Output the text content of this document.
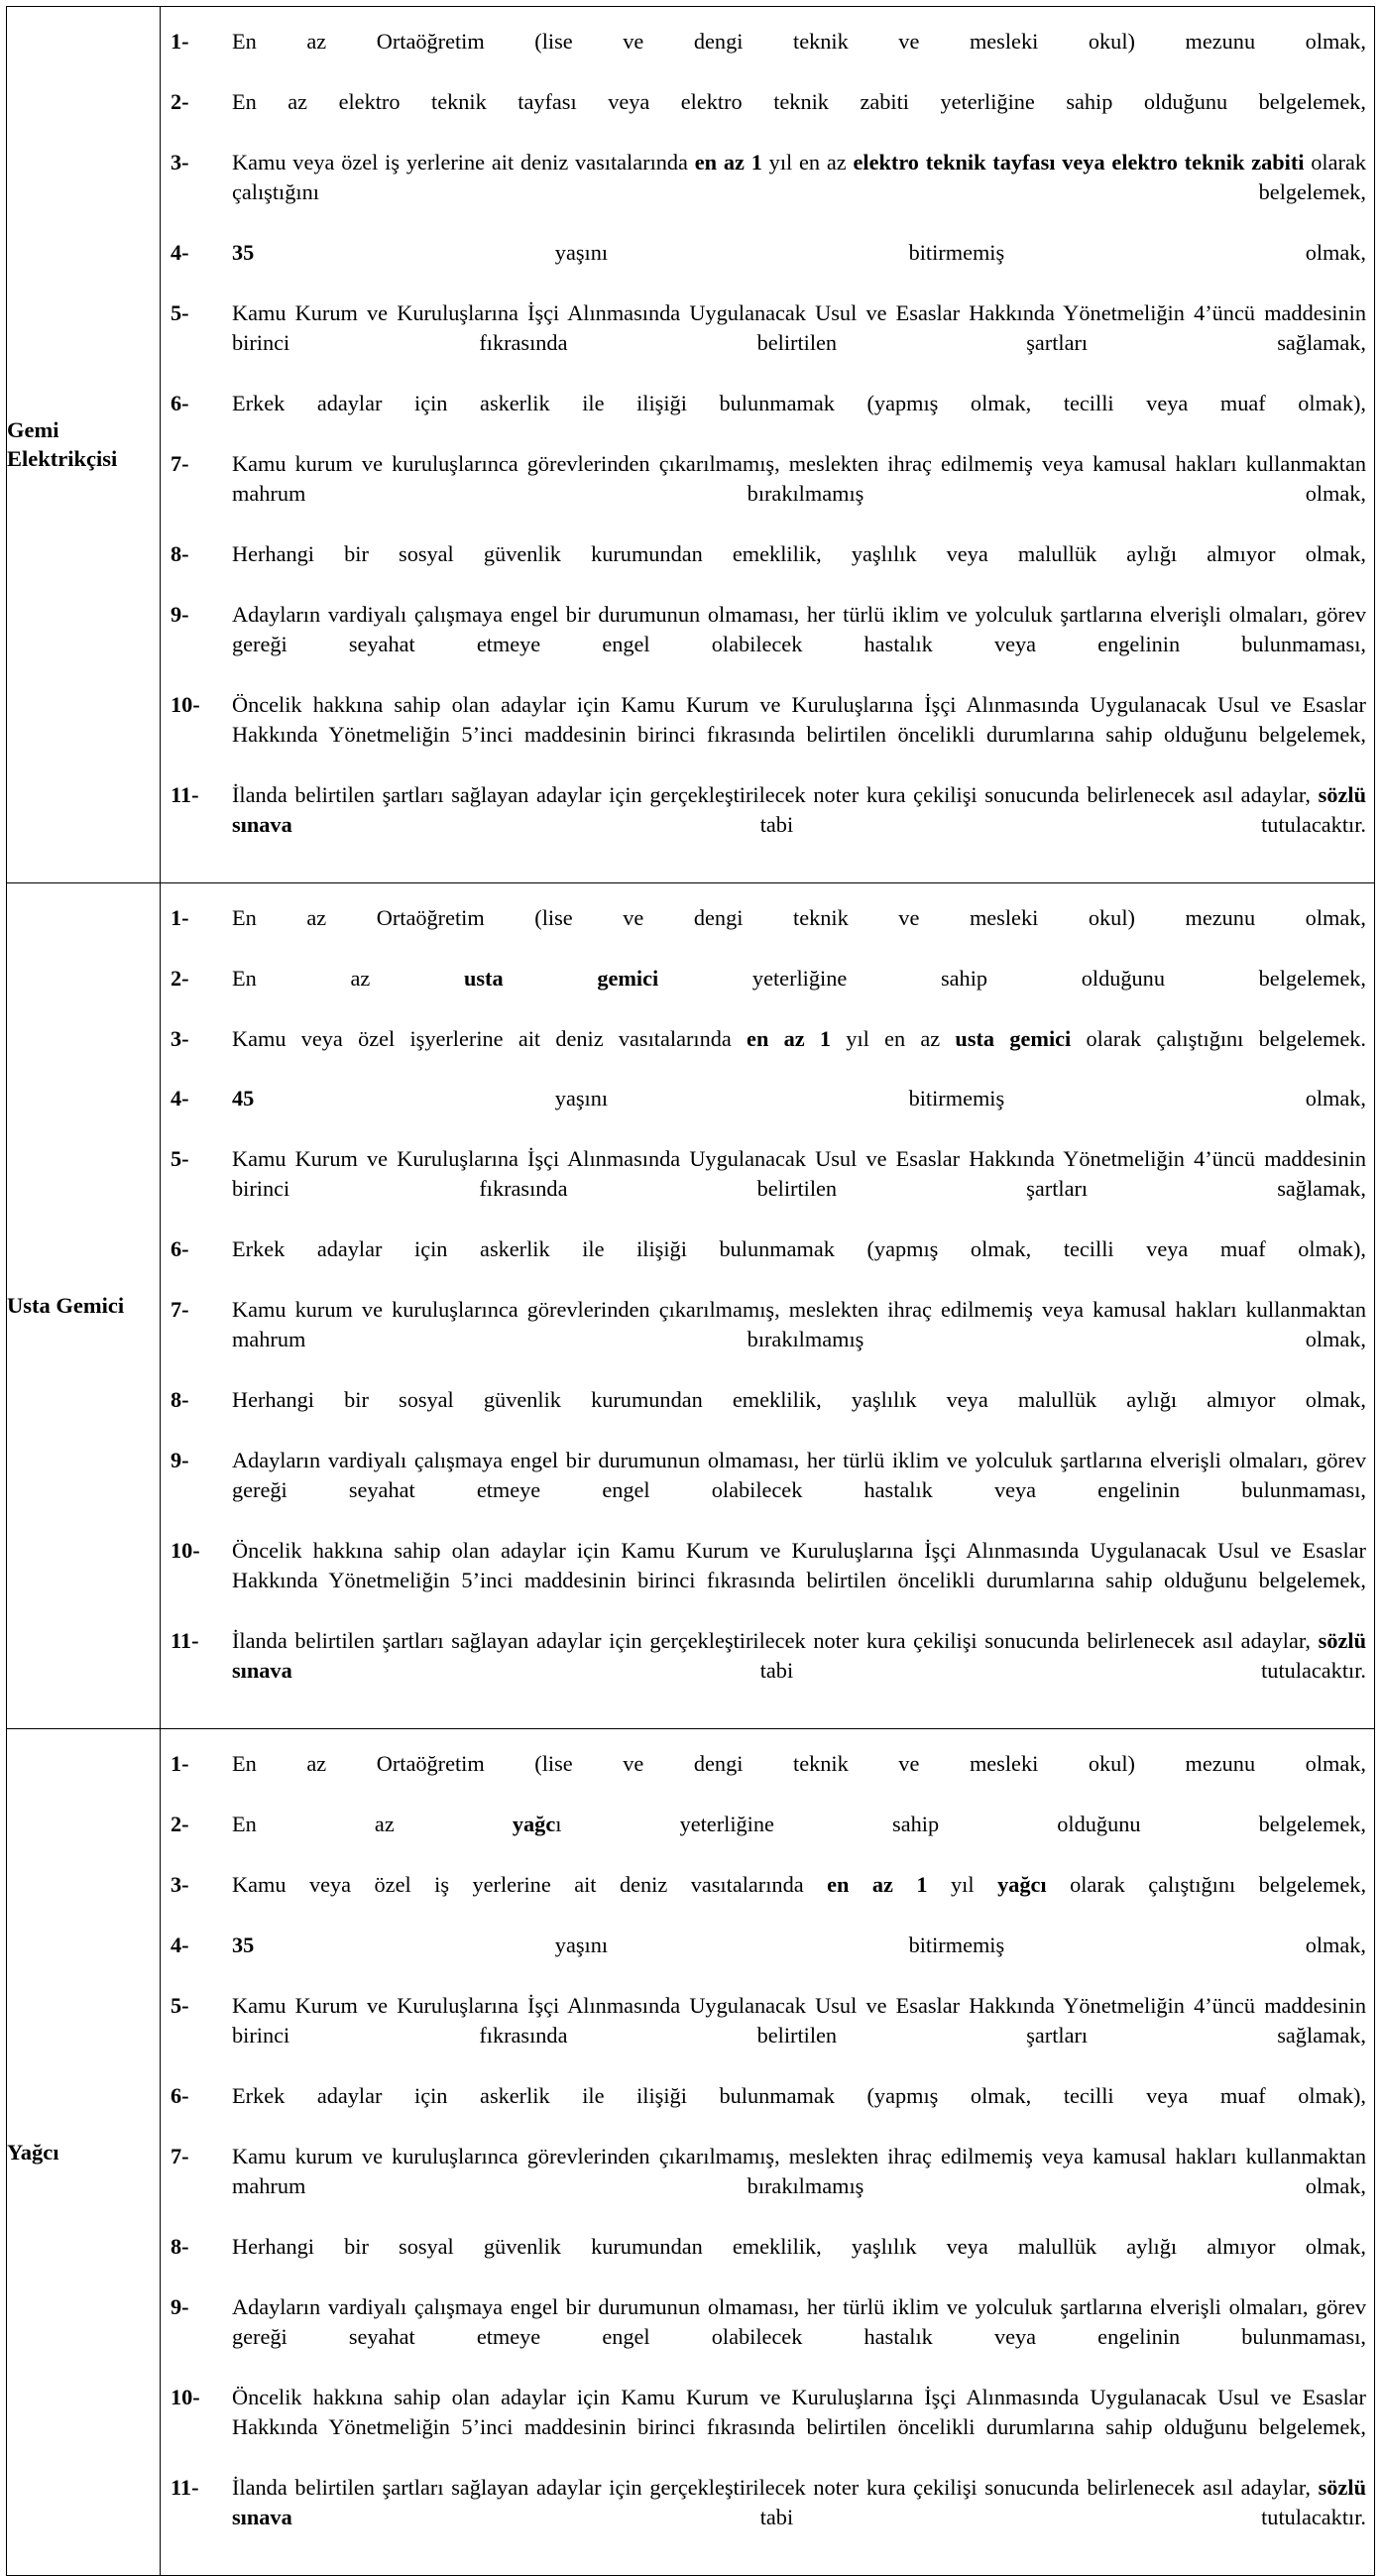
Gemi Elektrikçisi	
1-	En az Ortaöğretim (lise ve dengi teknik ve mesleki okul) mezunu olmak,
2-	En az elektro teknik tayfası veya elektro teknik zabiti yeterliğine sahip olduğunu belgelemek,
3-	Kamu veya özel iş yerlerine ait deniz vasıtalarında en az 1 yıl en az elektro teknik tayfası veya elektro teknik zabiti olarak çalıştığını belgelemek,
4-	35 yaşını bitirmemiş olmak,
5-	Kamu Kurum ve Kuruluşlarına İşçi Alınmasında Uygulanacak Usul ve Esaslar Hakkında Yönetmeliğin 4’üncü maddesinin birinci fıkrasında belirtilen şartları sağlamak,
6-	Erkek adaylar için askerlik ile ilişiği bulunmamak (yapmış olmak, tecilli veya muaf olmak),
7-	Kamu kurum ve kuruluşlarınca görevlerinden çıkarılmamış, meslekten ihraç edilmemiş veya kamusal hakları kullanmaktan mahrum bırakılmamış olmak,
8-	Herhangi bir sosyal güvenlik kurumundan emeklilik, yaşlılık veya malullük aylığı almıyor olmak,
9-	Adayların vardiyalı çalışmaya engel bir durumunun olmaması, her türlü iklim ve yolculuk şartlarına elverişli olmaları, görev gereği seyahat etmeye engel olabilecek hastalık veya engelinin bulunmaması,
10-	Öncelik hakkına sahip olan adaylar için Kamu Kurum ve Kuruluşlarına İşçi Alınmasında Uygulanacak Usul ve Esaslar Hakkında Yönetmeliğin 5’inci maddesinin birinci fıkrasında belirtilen öncelikli durumlarına sahip olduğunu belgelemek,
11-	İlanda belirtilen şartları sağlayan adaylar için gerçekleştirilecek noter kura çekilişi sonucunda belirlenecek asıl adaylar, sözlü sınava tabi tutulacaktır.

Usta Gemici	
1-	En az Ortaöğretim (lise ve dengi teknik ve mesleki okul) mezunu olmak,
2-	En az usta gemici yeterliğine sahip olduğunu belgelemek,
3-	Kamu veya özel işyerlerine ait deniz vasıtalarında en az 1 yıl en az usta gemici olarak çalıştığını belgelemek.
4-	45 yaşını bitirmemiş olmak,
5-	Kamu Kurum ve Kuruluşlarına İşçi Alınmasında Uygulanacak Usul ve Esaslar Hakkında Yönetmeliğin 4’üncü maddesinin birinci fıkrasında belirtilen şartları sağlamak,
6-	Erkek adaylar için askerlik ile ilişiği bulunmamak (yapmış olmak, tecilli veya muaf olmak),
7-	Kamu kurum ve kuruluşlarınca görevlerinden çıkarılmamış, meslekten ihraç edilmemiş veya kamusal hakları kullanmaktan mahrum bırakılmamış olmak,
8-	Herhangi bir sosyal güvenlik kurumundan emeklilik, yaşlılık veya malullük aylığı almıyor olmak,
9-	Adayların vardiyalı çalışmaya engel bir durumunun olmaması, her türlü iklim ve yolculuk şartlarına elverişli olmaları, görev gereği seyahat etmeye engel olabilecek hastalık veya engelinin bulunmaması,
10-	Öncelik hakkına sahip olan adaylar için Kamu Kurum ve Kuruluşlarına İşçi Alınmasında Uygulanacak Usul ve Esaslar Hakkında Yönetmeliğin 5’inci maddesinin birinci fıkrasında belirtilen öncelikli durumlarına sahip olduğunu belgelemek,
11-	İlanda belirtilen şartları sağlayan adaylar için gerçekleştirilecek noter kura çekilişi sonucunda belirlenecek asıl adaylar, sözlü sınava tabi tutulacaktır.

Yağcı	
1-	En az Ortaöğretim (lise ve dengi teknik ve mesleki okul) mezunu olmak,
2-	En az yağcı yeterliğine sahip olduğunu belgelemek,
3-	Kamu veya özel iş yerlerine ait deniz vasıtalarında en az 1 yıl yağcı olarak çalıştığını belgelemek,
4-	35 yaşını bitirmemiş olmak,
5-	Kamu Kurum ve Kuruluşlarına İşçi Alınmasında Uygulanacak Usul ve Esaslar Hakkında Yönetmeliğin 4’üncü maddesinin birinci fıkrasında belirtilen şartları sağlamak,
6-	Erkek adaylar için askerlik ile ilişiği bulunmamak (yapmış olmak, tecilli veya muaf olmak),
7-	Kamu kurum ve kuruluşlarınca görevlerinden çıkarılmamış, meslekten ihraç edilmemiş veya kamusal hakları kullanmaktan mahrum bırakılmamış olmak,
8-	Herhangi bir sosyal güvenlik kurumundan emeklilik, yaşlılık veya malullük aylığı almıyor olmak,
9-	Adayların vardiyalı çalışmaya engel bir durumunun olmaması, her türlü iklim ve yolculuk şartlarına elverişli olmaları, görev gereği seyahat etmeye engel olabilecek hastalık veya engelinin bulunmaması,
10-	Öncelik hakkına sahip olan adaylar için Kamu Kurum ve Kuruluşlarına İşçi Alınmasında Uygulanacak Usul ve Esaslar Hakkında Yönetmeliğin 5’inci maddesinin birinci fıkrasında belirtilen öncelikli durumlarına sahip olduğunu belgelemek,
11-	İlanda belirtilen şartları sağlayan adaylar için gerçekleştirilecek noter kura çekilişi sonucunda belirlenecek asıl adaylar, sözlü sınava tabi tutulacaktır.
